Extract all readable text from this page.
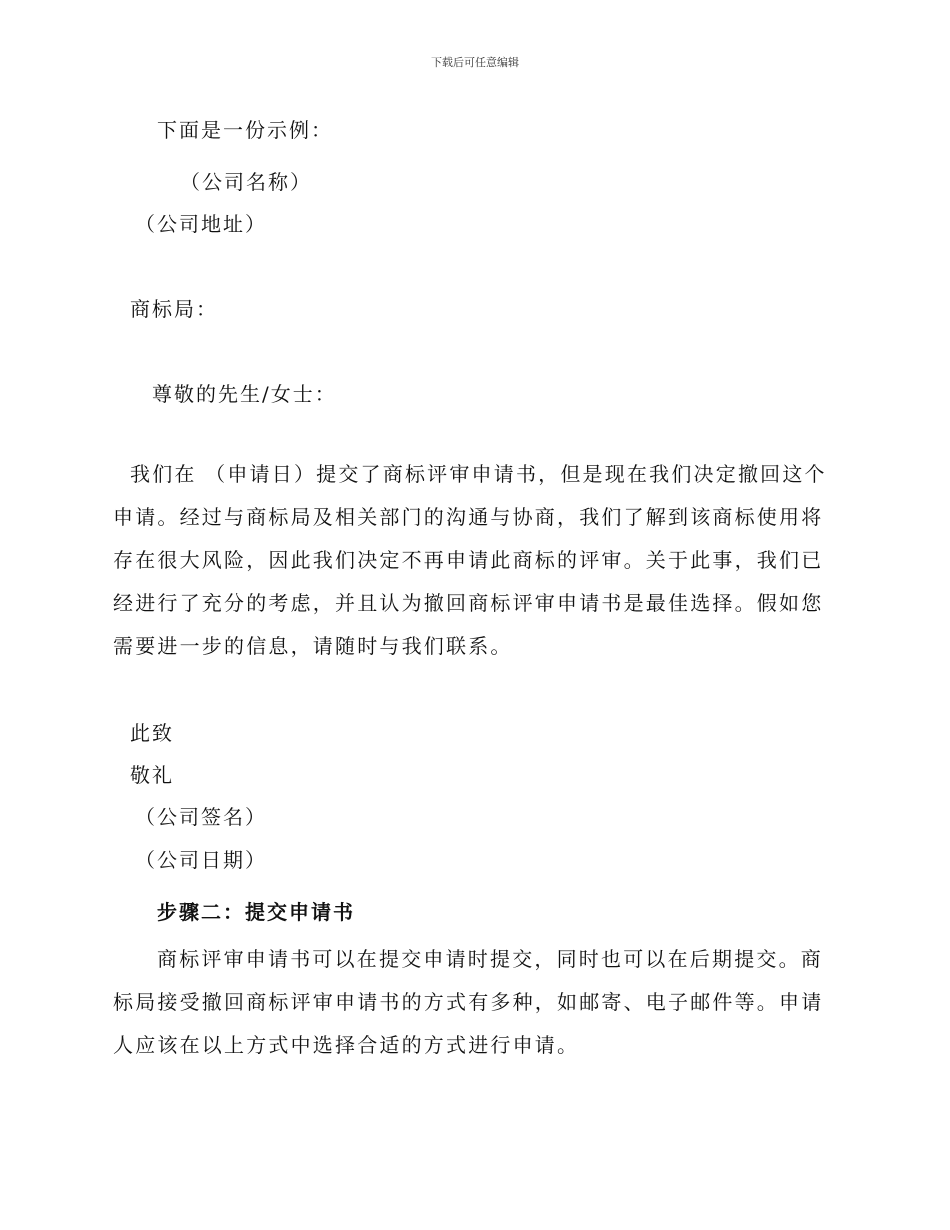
下载后可任意编辑
下面是一份示例：
（公司名称）
（公司地址）
商标局：
尊敬的先生/女士：
我们在 （申请日）提交了商标评审申请书，但是现在我们决定撤回这个申请。经过与商标局及相关部门的沟通与协商，我们了解到该商标使用将存在很大风险，因此我们决定不再申请此商标的评审。关于此事，我们已经进行了充分的考虑，并且认为撤回商标评审申请书是最佳选择。假如您需要进一步的信息，请随时与我们联系。
此致
敬礼
（公司签名）
（公司日期）
步骤二：提交申请书
商标评审申请书可以在提交申请时提交，同时也可以在后期提交。商标局接受撤回商标评审申请书的方式有多种，如邮寄、电子邮件等。申请人应该在以上方式中选择合适的方式进行申请。
